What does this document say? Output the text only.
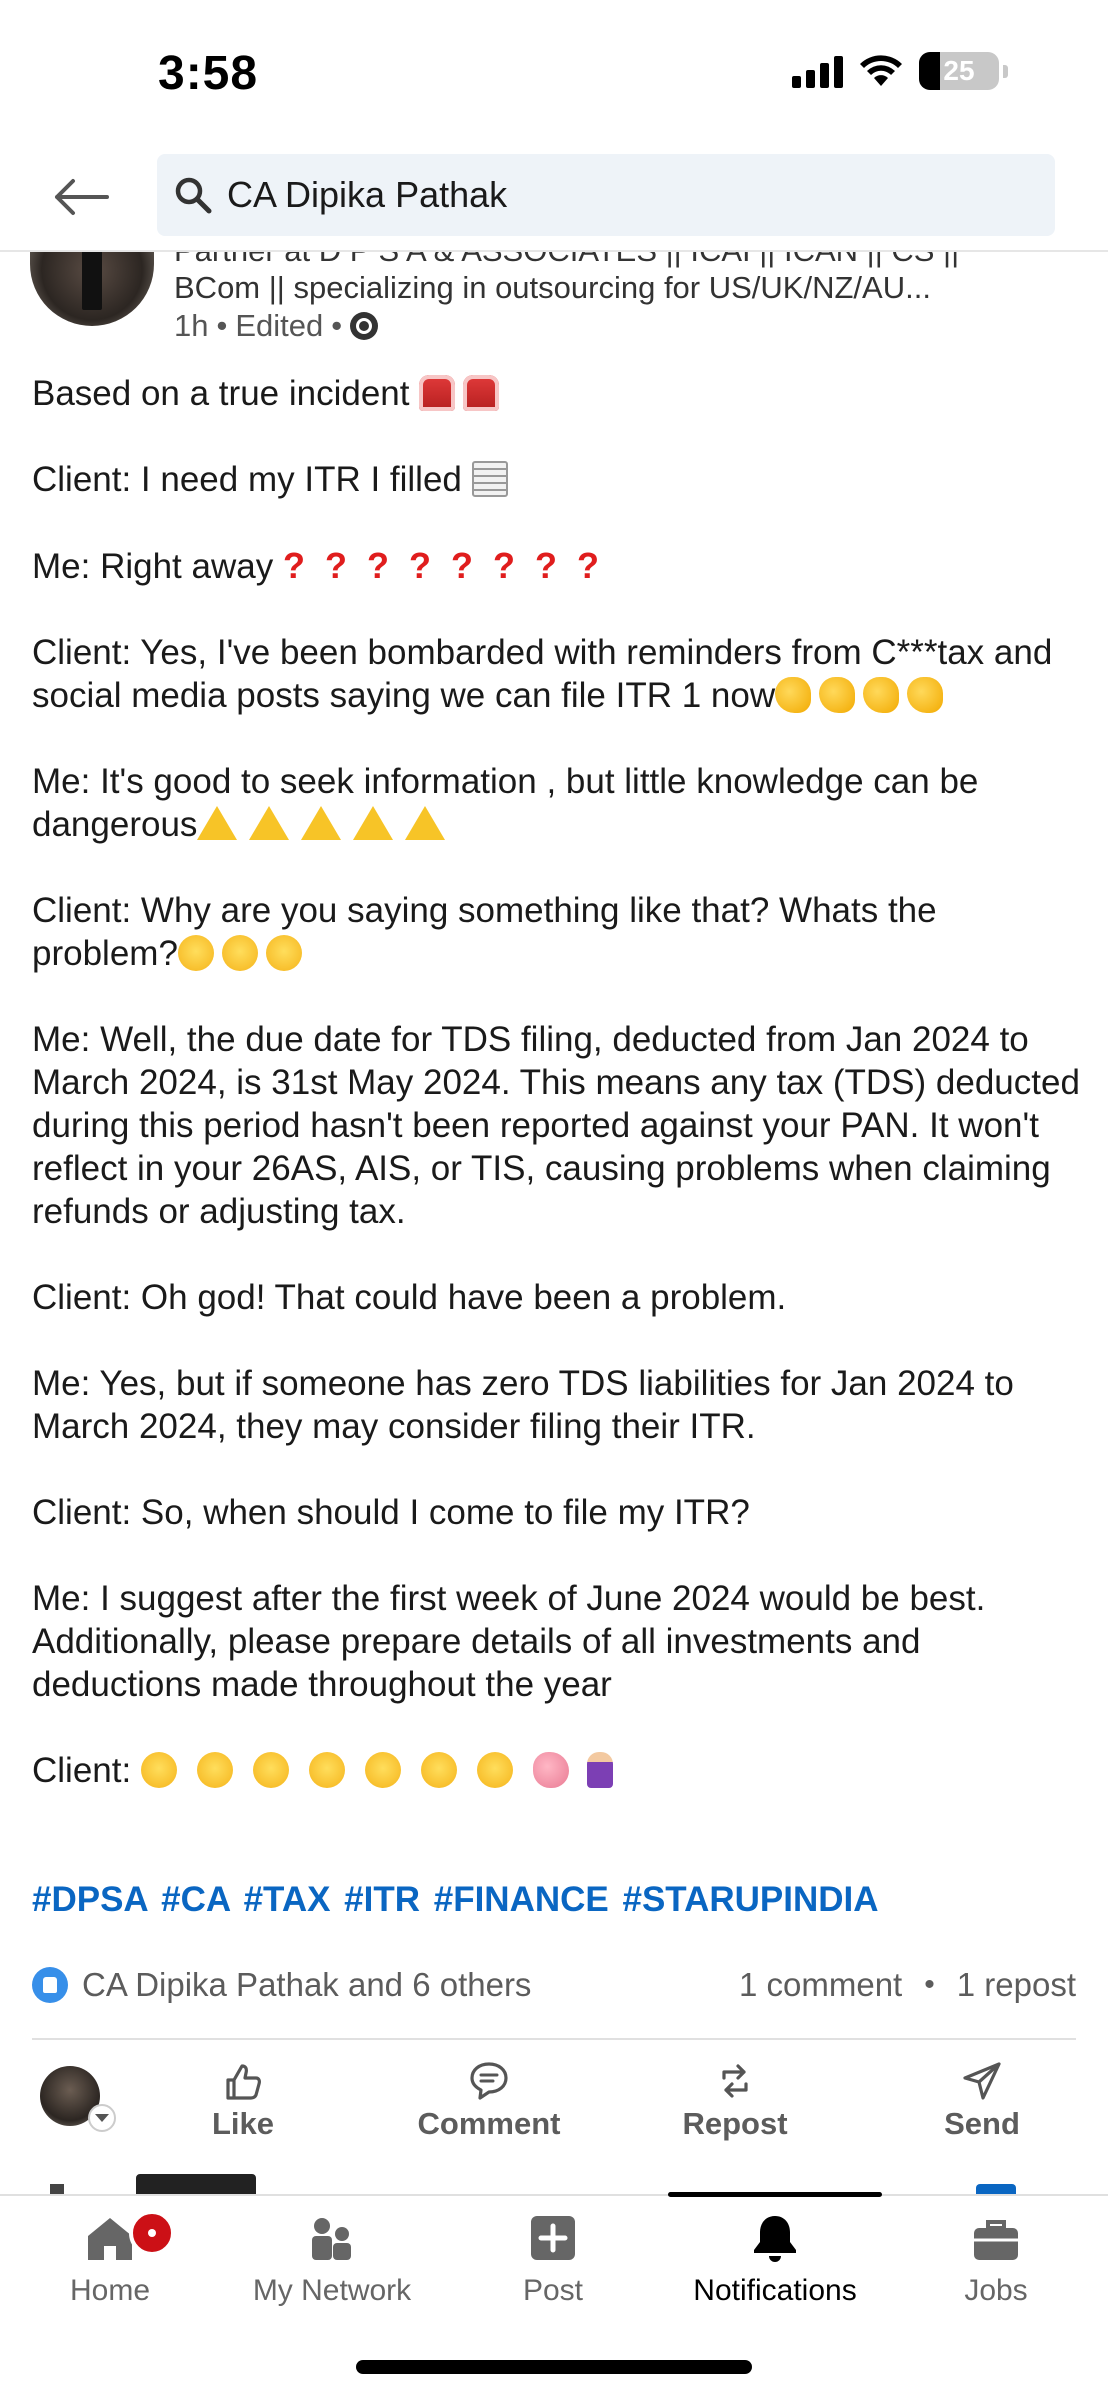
3:58	25
CA Dipika Pathak
BCom || specializing in outsourcing for US/UK/NZ/AU...
1h • Edited •

Based on a true incident

Client: I need my ITR I filled

Me: Right away ? ? ? ? ? ? ? ?

Client: Yes, I've been bombarded with reminders from C***tax and social media posts saying we can file ITR 1 now

Me: It's good to seek information , but little knowledge can be dangerous

Client: Why are you saying something like that? Whats the problem?

Me: Well, the due date for TDS filing, deducted from Jan 2024 to March 2024, is 31st May 2024. This means any tax (TDS) deducted during this period hasn't been reported against your PAN. It won't reflect in your 26AS, AIS, or TIS, causing problems when claiming refunds or adjusting tax.

Client: Oh god! That could have been a problem.

Me: Yes, but if someone has zero TDS liabilities for Jan 2024 to March 2024, they may consider filing their ITR.

Client: So, when should I come to file my ITR?

Me: I suggest after the first week of June 2024 would be best. Additionally, please prepare details of all investments and deductions made throughout the year

Client:

#DPSA #CA #TAX #ITR #FINANCE #STARUPINDIA
CA Dipika Pathak and 6 others	1 comment • 1 repost
Like	Comment	Repost	Send
Home	My Network	Post	Notifications	Jobs
